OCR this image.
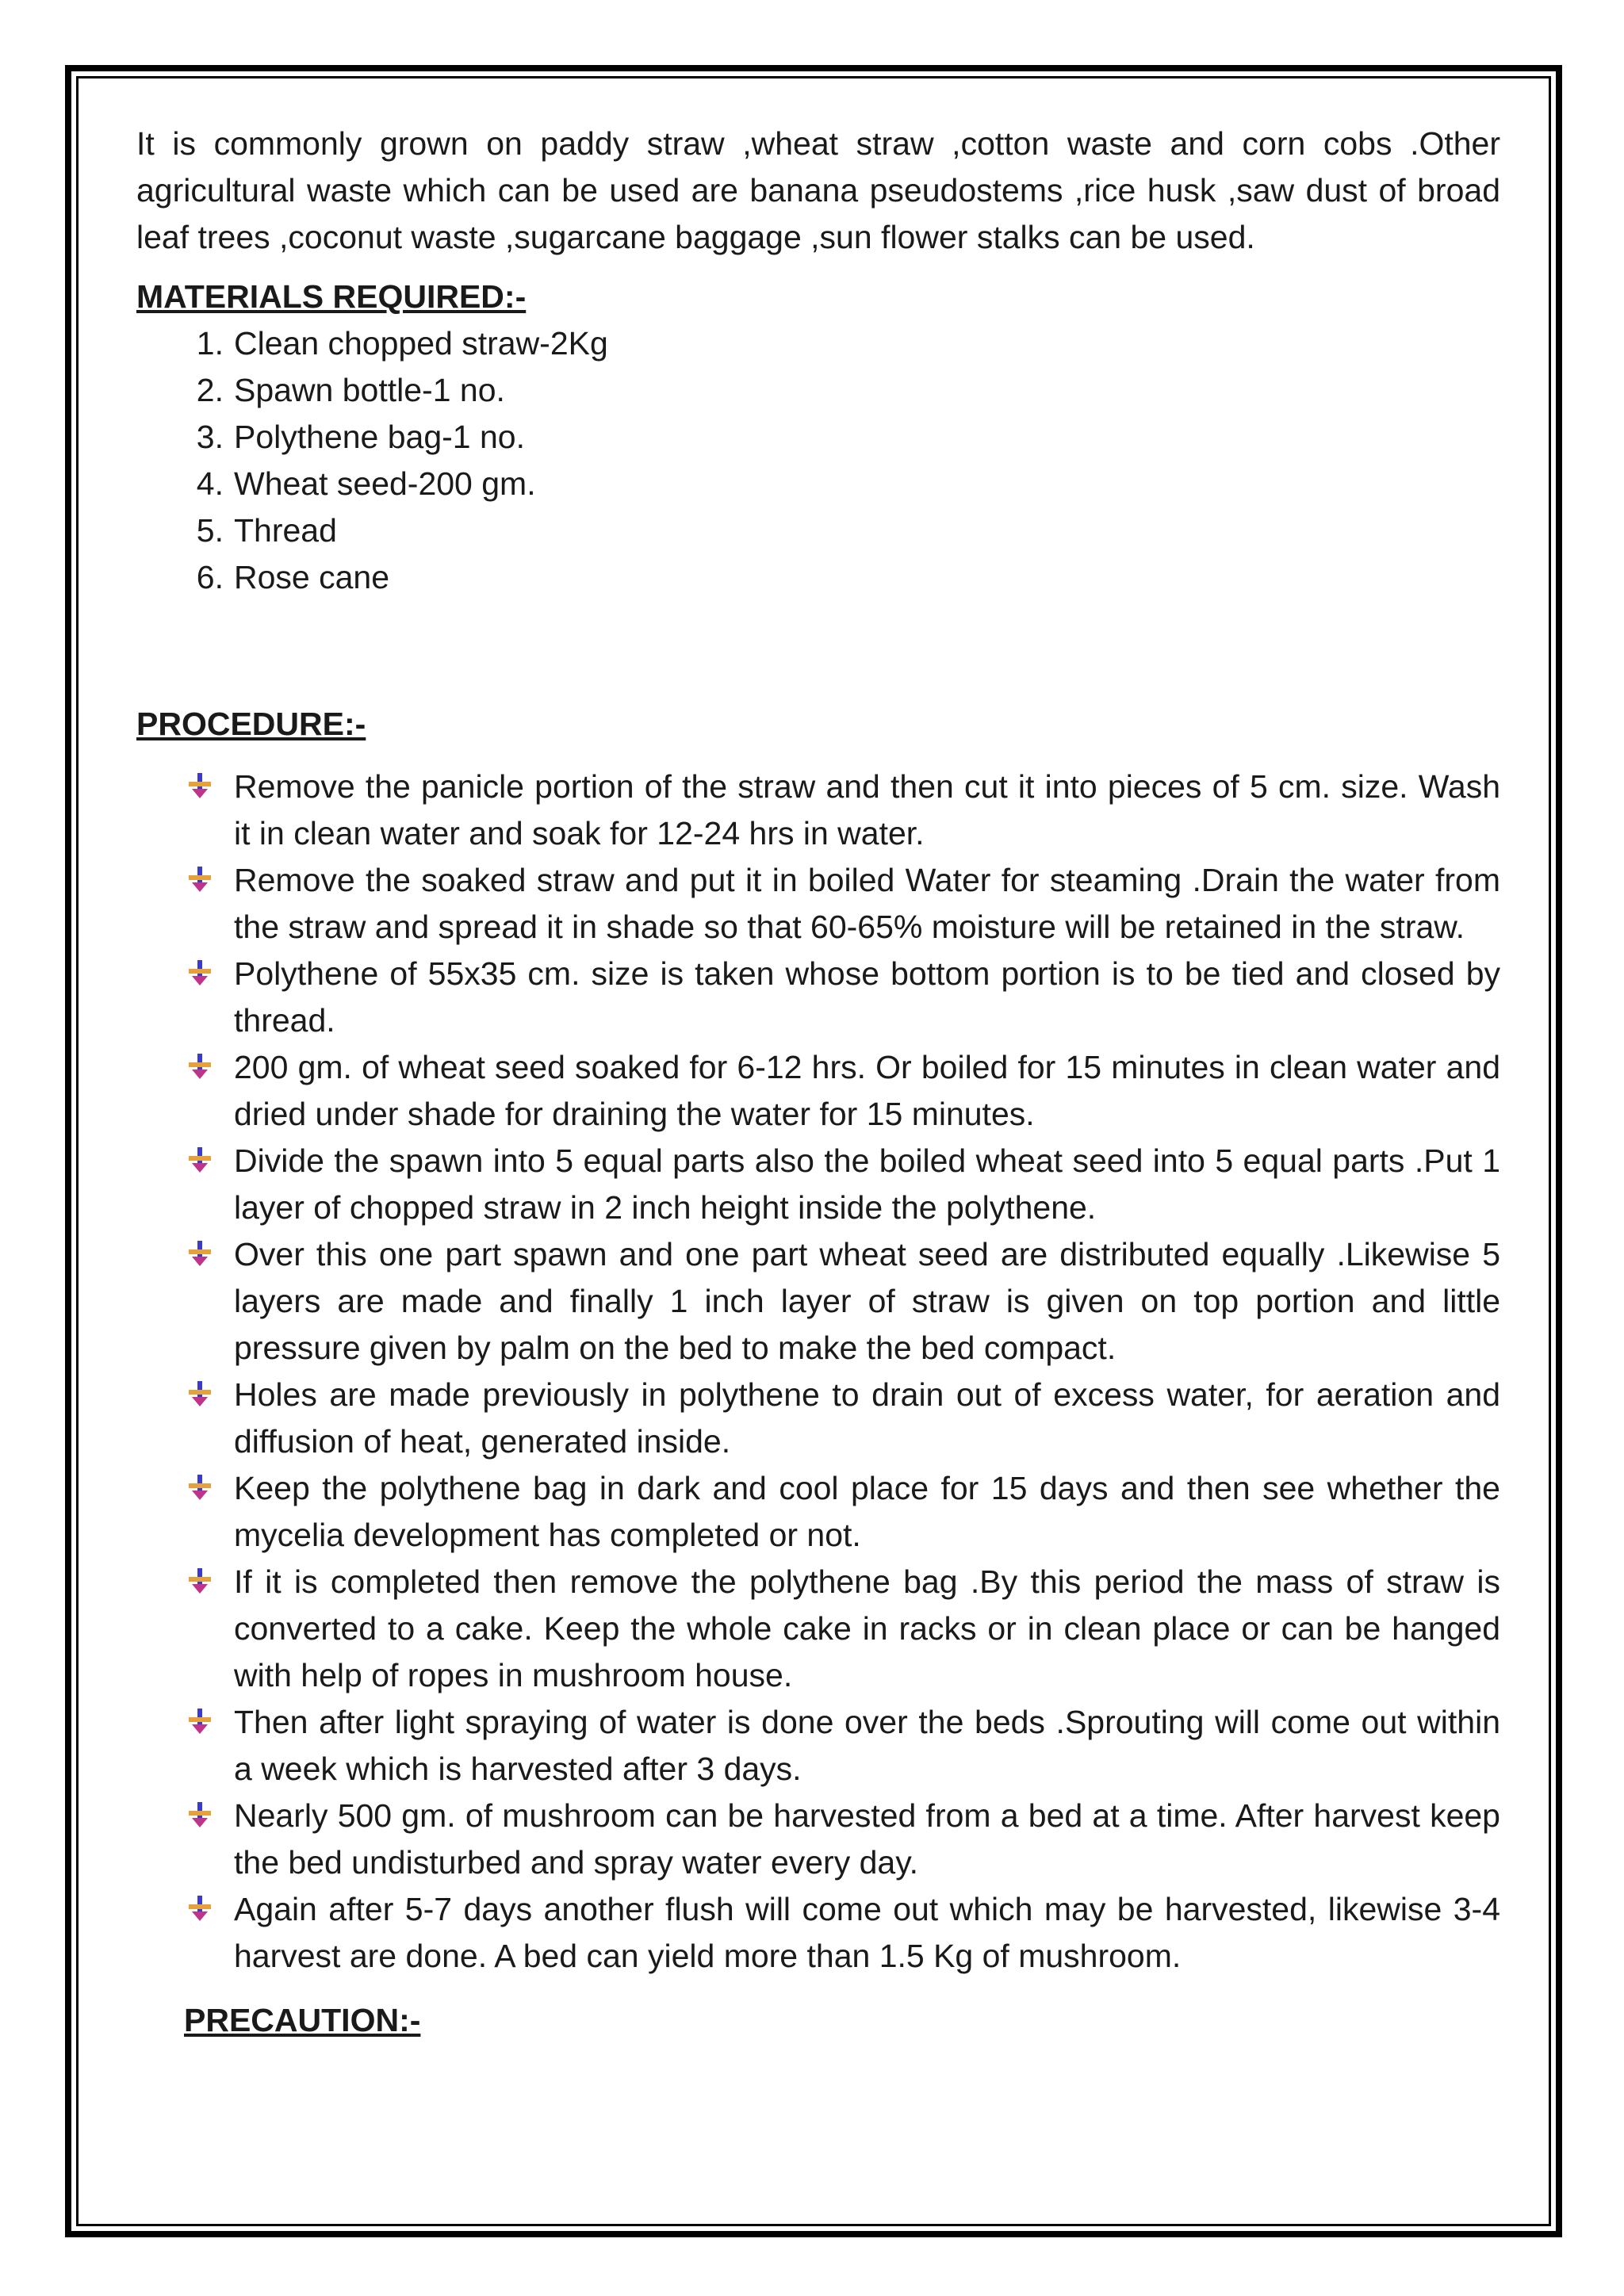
It is commonly grown on paddy straw ,wheat straw ,cotton waste and corn cobs .Other agricultural waste which can be used are banana pseudostems ,rice husk ,saw dust of broad leaf trees ,coconut waste ,sugarcane baggage ,sun flower stalks can be used.

MATERIALS REQUIRED:-

1. Clean chopped straw-2Kg
2. Spawn bottle-1 no.
3. Polythene bag-1 no.
4. Wheat seed-200 gm.
5. Thread
6. Rose cane

PROCEDURE:-

Remove the panicle portion of the straw and then cut it into pieces of 5 cm. size. Wash it in clean water and soak for 12-24 hrs in water.
Remove the soaked straw and put it in boiled Water for steaming .Drain the water from the straw and spread it in shade so that 60-65% moisture will be retained in the straw.
Polythene of 55x35 cm. size is taken whose bottom portion is to be tied and closed by thread.
200 gm. of wheat seed soaked for 6-12 hrs. Or boiled for 15 minutes in clean water and dried under shade for draining the water for 15 minutes.
Divide the spawn into 5 equal parts also the boiled wheat seed into 5 equal parts .Put 1 layer of chopped straw in 2 inch height inside the polythene.
Over this one part spawn and one part wheat seed are distributed equally .Likewise 5 layers are made and finally 1 inch layer of straw is given on top portion and little pressure given by palm on the bed to make the bed compact.
Holes are made previously in polythene to drain out of excess water, for aeration and diffusion of heat, generated inside.
Keep the polythene bag in dark and cool place for 15 days and then see whether the mycelia development has completed or not.
If it is completed then remove the polythene bag .By this period the mass of straw is converted to a cake. Keep the whole cake in racks or in clean place or can be hanged with help of ropes in mushroom house.
Then after light spraying of water is done over the beds .Sprouting will come out within a week which is harvested after 3 days.
Nearly 500 gm. of mushroom can be harvested from a bed at a time. After harvest keep the bed undisturbed and spray water every day.
Again after 5-7 days another flush will come out which may be harvested, likewise 3-4 harvest are done. A bed can yield more than 1.5 Kg of mushroom.

PRECAUTION:-
